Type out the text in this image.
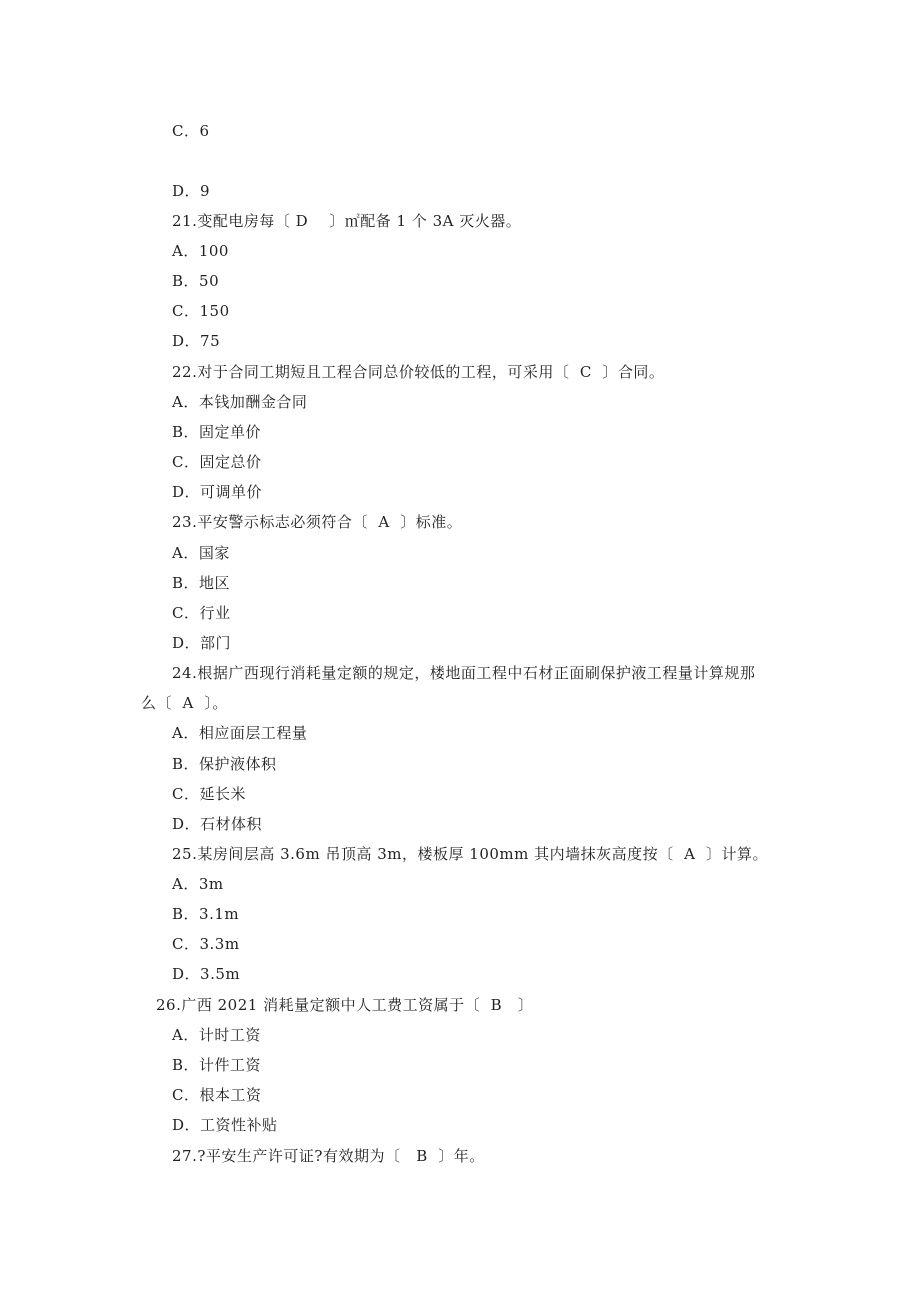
C．6
D．9
21.变配电房每〔 D    〕㎡配备 1 个 3A 灭火器。
A．100
B．50
C．150
D．75
22.对于合同工期短且工程合同总价较低的工程，可采用〔  C  〕合同。
A．本钱加酬金合同
B．固定单价
C．固定总价
D．可调单价
23.平安警示标志必须符合〔  A  〕标准。
A．国家
B．地区
C．行业
D．部门
24.根据广西现行消耗量定额的规定，楼地面工程中石材正面刷保护液工程量计算规那
么〔  A  〕。
A．相应面层工程量
B．保护液体积
C．延长米
D．石材体积
25.某房间层高 3.6m 吊顶高 3m，楼板厚 100mm 其内墙抹灰高度按〔  A  〕计算。
A．3m
B．3.1m
C．3.3m
D．3.5m
26.广西 2021 消耗量定额中人工费工资属于〔  B   〕
A．计时工资
B．计件工资
C．根本工资
D．工资性补贴
27.?平安生产许可证?有效期为〔   B  〕年。
